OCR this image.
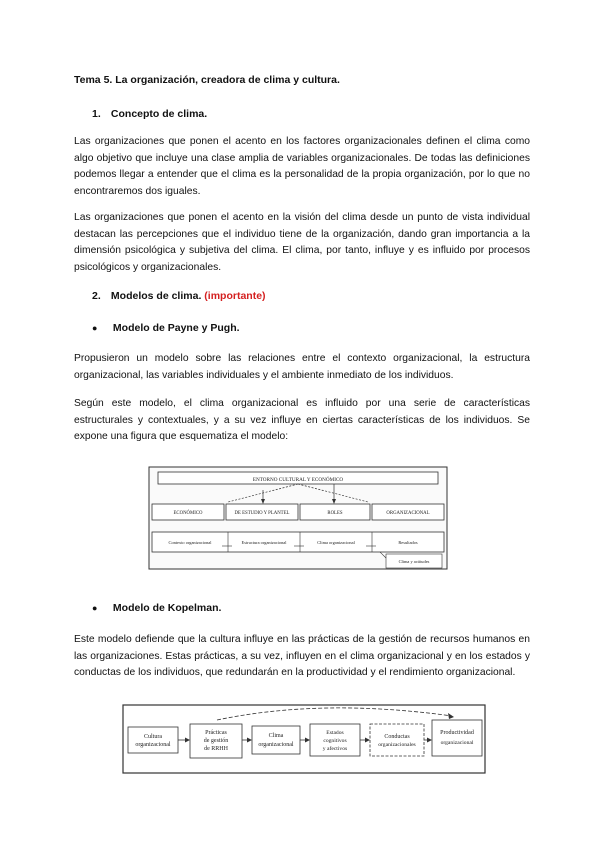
Tema 5. La organización, creadora de clima y cultura.
1. Concepto de clima.
Las organizaciones que ponen el acento en los factores organizacionales definen el clima como algo objetivo que incluye una clase amplia de variables organizacionales. De todas las definiciones podemos llegar a entender que el clima es la personalidad de la propia organización, por lo que no encontraremos dos iguales.
Las organizaciones que ponen el acento en la visión del clima desde un punto de vista individual destacan las percepciones que el individuo tiene de la organización, dando gran importancia a la dimensión psicológica y subjetiva del clima. El clima, por tanto, influye y es influido por procesos psicológicos y organizacionales.
2. Modelos de clima. (importante)
● Modelo de Payne y Pugh.
Propusieron un modelo sobre las relaciones entre el contexto organizacional, la estructura organizacional, las variables individuales y el ambiente inmediato de los individuos.
Según este modelo, el clima organizacional es influido por una serie de características estructurales y contextuales, y a su vez influye en ciertas características de los individuos. Se expone una figura que esquematiza el modelo:
ENTORNO CULTURAL Y ECONÓMICO
ECONÓMICO	DE ESTUDIO Y PLANTEL	ROLES	ORGANIZACIONAL
Contexto organizacional	Estructura organizacional	Clima organizacional	Resultados
Clima y actitudes
● Modelo de Kopelman.
Este modelo defiende que la cultura influye en las prácticas de la gestión de recursos humanos en las organizaciones. Estas prácticas, a su vez, influyen en el clima organizacional y en los estados y conductas de los individuos, que redundarán en la productividad y el rendimiento organizacional.
Cultura
organizacional
Prácticas
de gestión
de RRHH
Clima
organizacional
Estados
cognitivos
y afectivos
Conductas
organizacionales
Productividad
organizacional
